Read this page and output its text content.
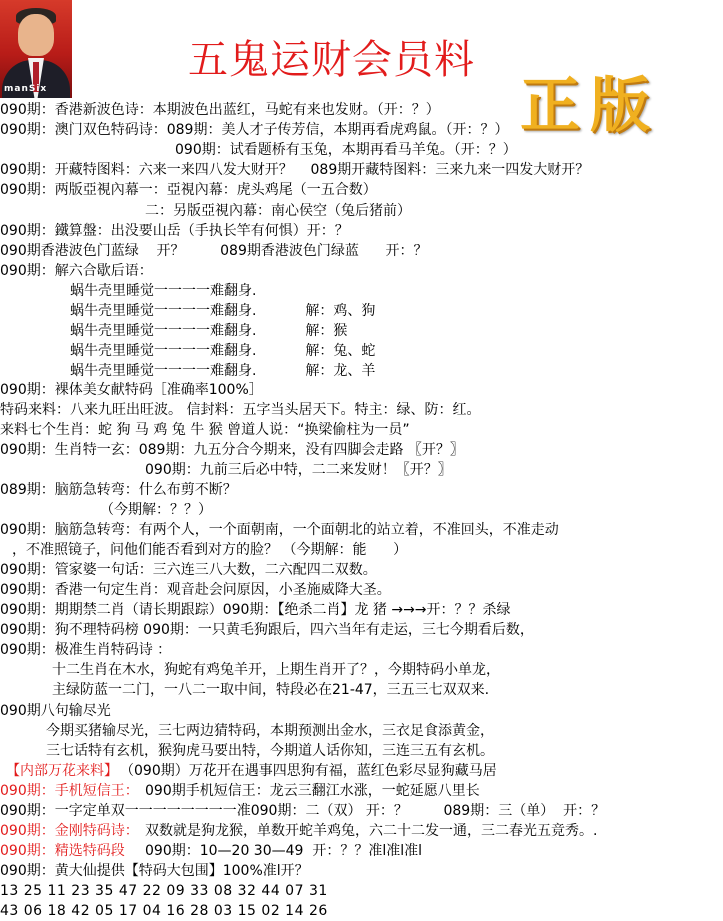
manSix
五鬼运财会员料
正版
090期：香港新波色诗：本期波色出蓝红，马蛇有来也发财。（开：？）
090期：澳门双色特码诗：089期：美人才子传芳信，本期再看虎鸡鼠。（开：？）
090期：试看题桥有玉兔，本期再看马羊兔。（开：？）
090期：开藏特图料：六来一来四八发大财开？    089期开藏特图料：三来九来一四发大财开？
090期：两版亞視內幕一：亞視內幕：虎头鸡尾（一五合数）
二：另版亞視內幕：南心侯空（兔后猪前）
090期：鐵算盤：出没要山岳（手执长竿有何惧）开：？
090期香港波色门蓝绿    开？        089期香港波色门绿蓝      开：？
090期：解六合歇后语：
蜗牛壳里睡觉一一一一难翻身.
蜗牛壳里睡觉一一一一难翻身.           解：鸡、狗
蜗牛壳里睡觉一一一一难翻身.           解：猴
蜗牛壳里睡觉一一一一难翻身.           解：兔、蛇
蜗牛壳里睡觉一一一一难翻身.           解：龙、羊
090期：裸体美女献特码［准确率100%］
特码来料：八来九旺出旺波。 信封料：五字当头居天下。特主：绿、防：红。
来料七个生肖：蛇 狗 马 鸡 兔 牛 猴 曾道人说：“换梁偷柱为一员”
090期：生肖特一玄：089期：九五分合今期来，没有四脚会走路 〖开？〗
090期：九前三后必中特，二二来发财！〖开？〗
089期：脑筋急转弯：什么布剪不断？
（今期解：？？）
090期：脑筋急转弯：有两个人，一个面朝南，一个面朝北的站立着，不准回头，不准走动
，不准照镜子，问他们能否看到对方的脸？ （今期解：能      ）
090期：管家婆一句话：三六连三八大数，二六配四二双数。
090期：香港一句定生肖：观音赴会问原因，小圣施威降大圣。
090期：期期禁二肖（请长期跟踪）090期：【绝杀二肖】龙 猪 →→→开：？？杀绿
090期：狗不理特码榜 090期：一只黄毛狗跟后，四六当年有走运，三七今期看后数，
090期：极准生肖特码诗 ：
十二生肖在木水，狗蛇有鸡兔羊开，上期生肖开了？，今期特码小单龙，
主绿防蓝一二门，一八二一取中间，特段必在21-47，三五三七双双来.
090期八句输尽光
今期买猪输尽光，三七两边猜特码，本期预测出金水，三衣足食添黄金，
三七话特有玄机，猴狗虎马要出特，今期道人话你知，三连三五有玄机。
【内部万花来料】 （090期）万花开在遇事四思狗有福，蓝红色彩尽显狗藏马居
090期：手机短信王： 090期手机短信王：龙云三翻江水涨，一蛇延愿八里长
090期：一字定单双一一一一一一一一准090期：二（双） 开：？        089期：三（单）  开：？
090期：金刚特码诗： 双数就是狗龙猴，单数开蛇羊鸡兔，六二十二发一通，三二春光五竞秀。.
090期：精选特码段 090期：10—20 30—49  开：？？准l准l准l
090期：黄大仙提供【特码大包围】100%准l开？
13 25 11 23 35 47 22 09 33 08 32 44 07 31
43 06 18 42 05 17 04 16 28 03 15 02 14 26
